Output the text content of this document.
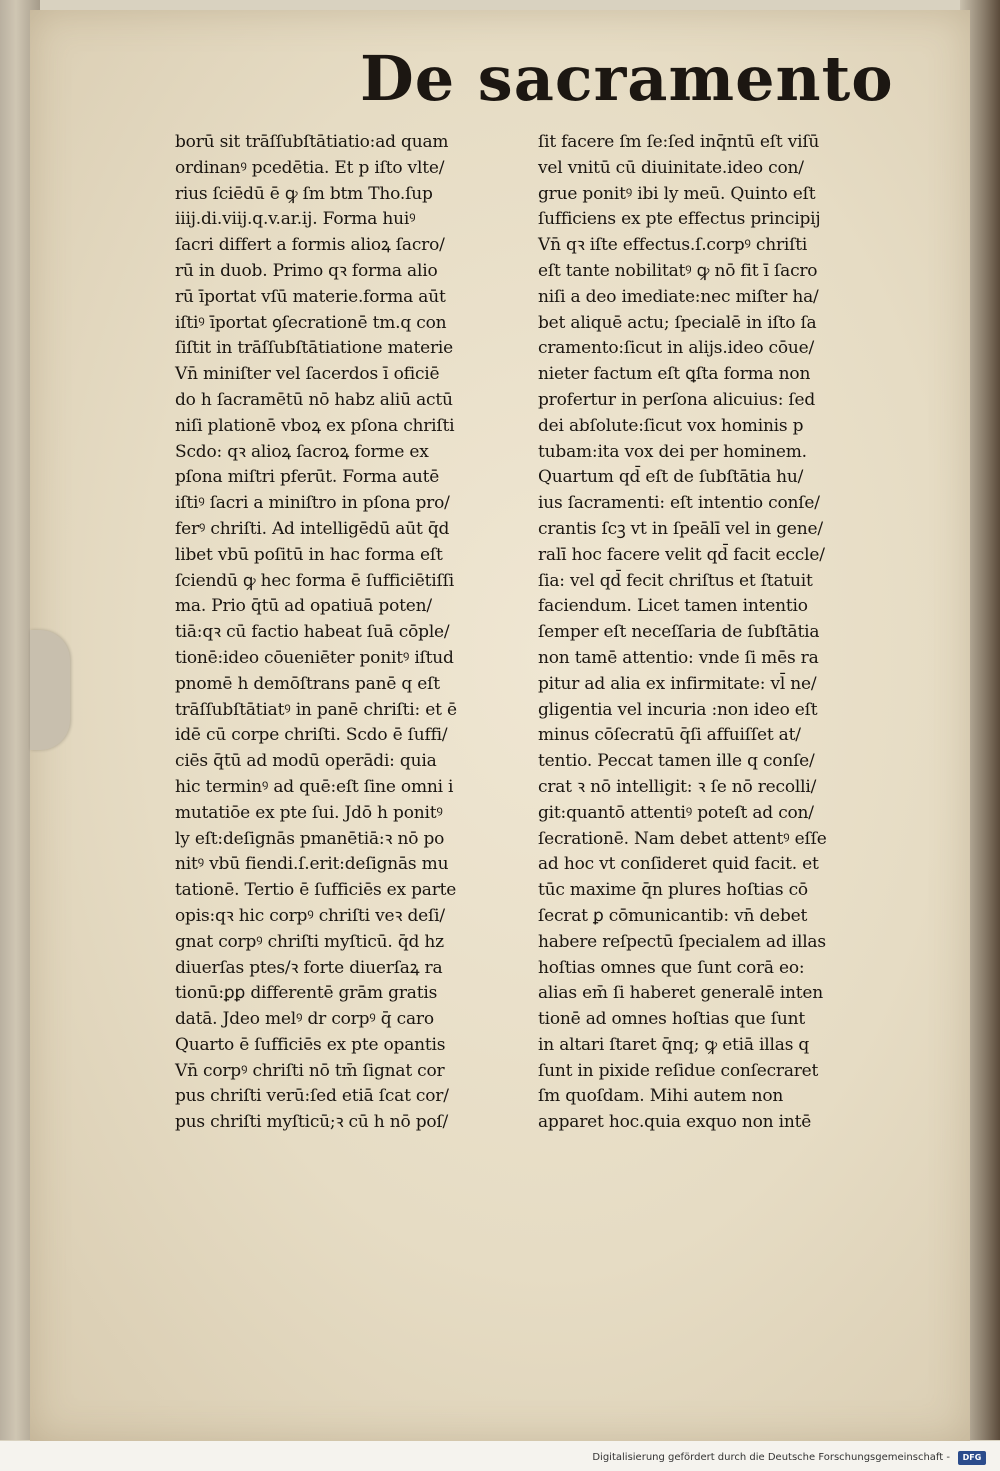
De sacramento
borū sit trāſſubſtātiatio:ad quam
ordinanꝰ pcedētia. Et p iſto vlte/
rius ſciēdū ē ꝙ ſm btm Tho.ſup
iiij.di.viij.q.v.ar.ij. Forma huiꝰ
ſacri differt a formis alioꝝ ſacro/
rū in duob. Primo qꝛ forma alio
rū īportat vſū materie.forma aūt
iſtiꝰ īportat ꝯſecrationē tm.q con
ſiſtit in trāſſubſtātiatione materie
Vn̄ miniſter vel ſacerdos ī oficiē
do h ſacramētū nō habz aliū actū
niſi plationē vboꝝ ex pſona chriſti
Scdo: qꝛ alioꝝ ſacroꝝ forme ex
pſona miſtri pferūt. Forma autē
iſtiꝰ ſacri a miniſtro in pſona pro/
ferꝰ chriſti. Ad intelligēdū aūt q̄d
libet vbū poſitū in hac forma eſt
ſciendū ꝙ hec forma ē ſufficiētiſſi
ma. Prio q̄tū ad opatiuā poten/
tiā:qꝛ cū factio habeat ſuā cōple/
tionē:ideo cōueniēter ponitꝰ iſtud
pnomē h demōſtrans panē q eſt
trāſſubſtātiatꝰ in panē chriſti: et ē
idē cū corpe chriſti. Scdo ē ſuffi/
ciēs q̄tū ad modū operādi: quia
hic terminꝰ ad quē:eſt ſine omni i
mutatiōe ex pte ſui. Jdō h ponitꝰ
ly eſt:deſignās pmanētiā:ꝛ nō po
nitꝰ vbū fiendi.ſ.erit:deſignās mu
tationē. Tertio ē ſufficiēs ex parte
opis:qꝛ hic corpꝰ chriſti veꝛ deſi/
gnat corpꝰ chriſti myſticū. q̄d hz
diuerſas ptes/ꝛ forte diuerſaꝝ ra
tionū:ꝑꝑ differentē grām gratis
datā. Jdeo melꝰ dr corpꝰ q̄ caro
Quarto ē ſufficiēs ex pte opantis
Vn̄ corpꝰ chriſti nō tm̄ ſignat cor
pus chriſti verū:ſed etiā ſcat cor/
pus chriſti myſticū;ꝛ cū h nō poſ/
ſit facere ſm ſe:ſed inq̄ntū eſt viſū
vel vnitū cū diuinitate.ideo con/
grue ponitꝰ ibi ly meū. Quinto eſt
ſufficiens ex pte effectus principij
Vn̄ qꝛ iſte effectus.ſ.corpꝰ chriſti
eſt tante nobilitatꝰ ꝙ nō fit ī ſacro
niſi a deo imediate:nec miſter ha/
bet aliquē actu; ſpecialē in iſto ſa
cramento:ſicut in alijs.ideo cōue/
nieter factum eſt ꝗſta forma non
profertur in perſona alicuius: ſed
dei abſolute:ſicut vox hominis p
tubam:ita vox dei per hominem.
Quartum qd̄ eſt de ſubſtātia hu/
ius ſacramenti: eſt intentio conſe/
crantis ſcꝫ vt in ſpeālī vel in gene/
ralī hoc facere velit qd̄ facit eccle/
ſia: vel qd̄ fecit chriſtus et ſtatuit
faciendum. Licet tamen intentio
ſemper eſt neceſſaria de ſubſtātia
non tamē attentio: vnde ſi mēs ra
pitur ad alia ex infirmitate: vl̄ ne/
gligentia vel incuria :non ideo eſt
minus cōſecratū q̄ſi affuiſſet at/
tentio. Peccat tamen ille q conſe/
crat ꝛ nō intelligit: ꝛ ſe nō recolli/
git:quantō attentiꝰ poteſt ad con/
ſecrationē. Nam debet attentꝰ eſſe
ad hoc vt conſideret quid facit. et
tūc maxime q̄n plures hoſtias cō
ſecrat ꝑ cōmunicantib: vn̄ debet
habere reſpectū ſpecialem ad illas
hoſtias omnes que ſunt corā eo:
alias em̄ ſi haberet generalē inten
tionē ad omnes hoſtias que ſunt
in altari ſtaret q̄nq; ꝙ etiā illas q
ſunt in pixide reſidue conſecraret
ſm quoſdam. Mihi autem non
apparet hoc.quia exquo non intē
Digitalisierung gefördert durch die Deutsche Forschungsgemeinschaft -	DFG
